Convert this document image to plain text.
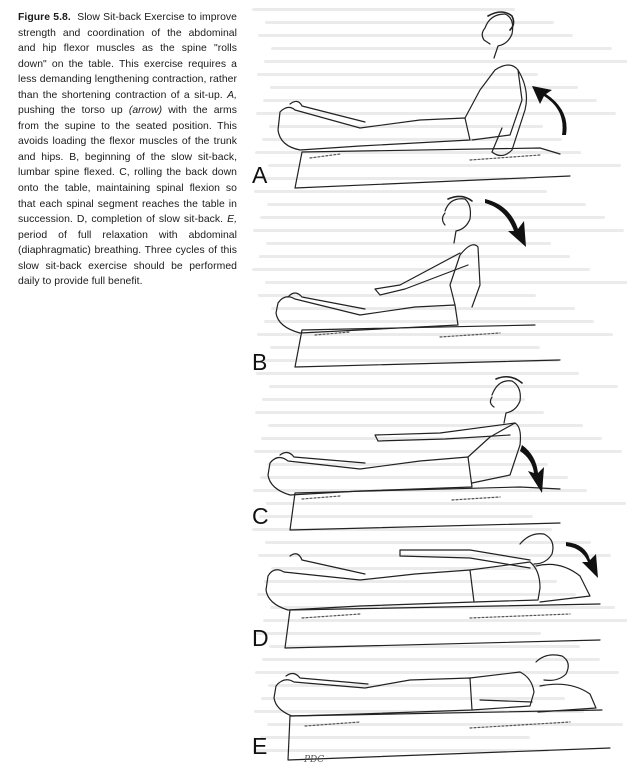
Figure 5.8. Slow Sit-back Exercise to improve strength and coordination of the abdominal and hip flexor muscles as the spine "rolls down" on the table. This exercise requires a less demanding lengthening contraction, rather than the shortening contraction of a sit-up. A, pushing the torso up (arrow) with the arms from the supine to the seated position. This avoids loading the flexor muscles of the trunk and hips. B, beginning of the slow sit-back, lumbar spine flexed. C, rolling the back down onto the table, maintaining spinal flexion so that each spinal segment reaches the table in succession. D, completion of slow sit-back. E, period of full relaxation with abdominal (diaphragmatic) breathing. Three cycles of this slow sit-back exercise should be performed daily to provide full benefit.
A
B
C
D
E
PDC
